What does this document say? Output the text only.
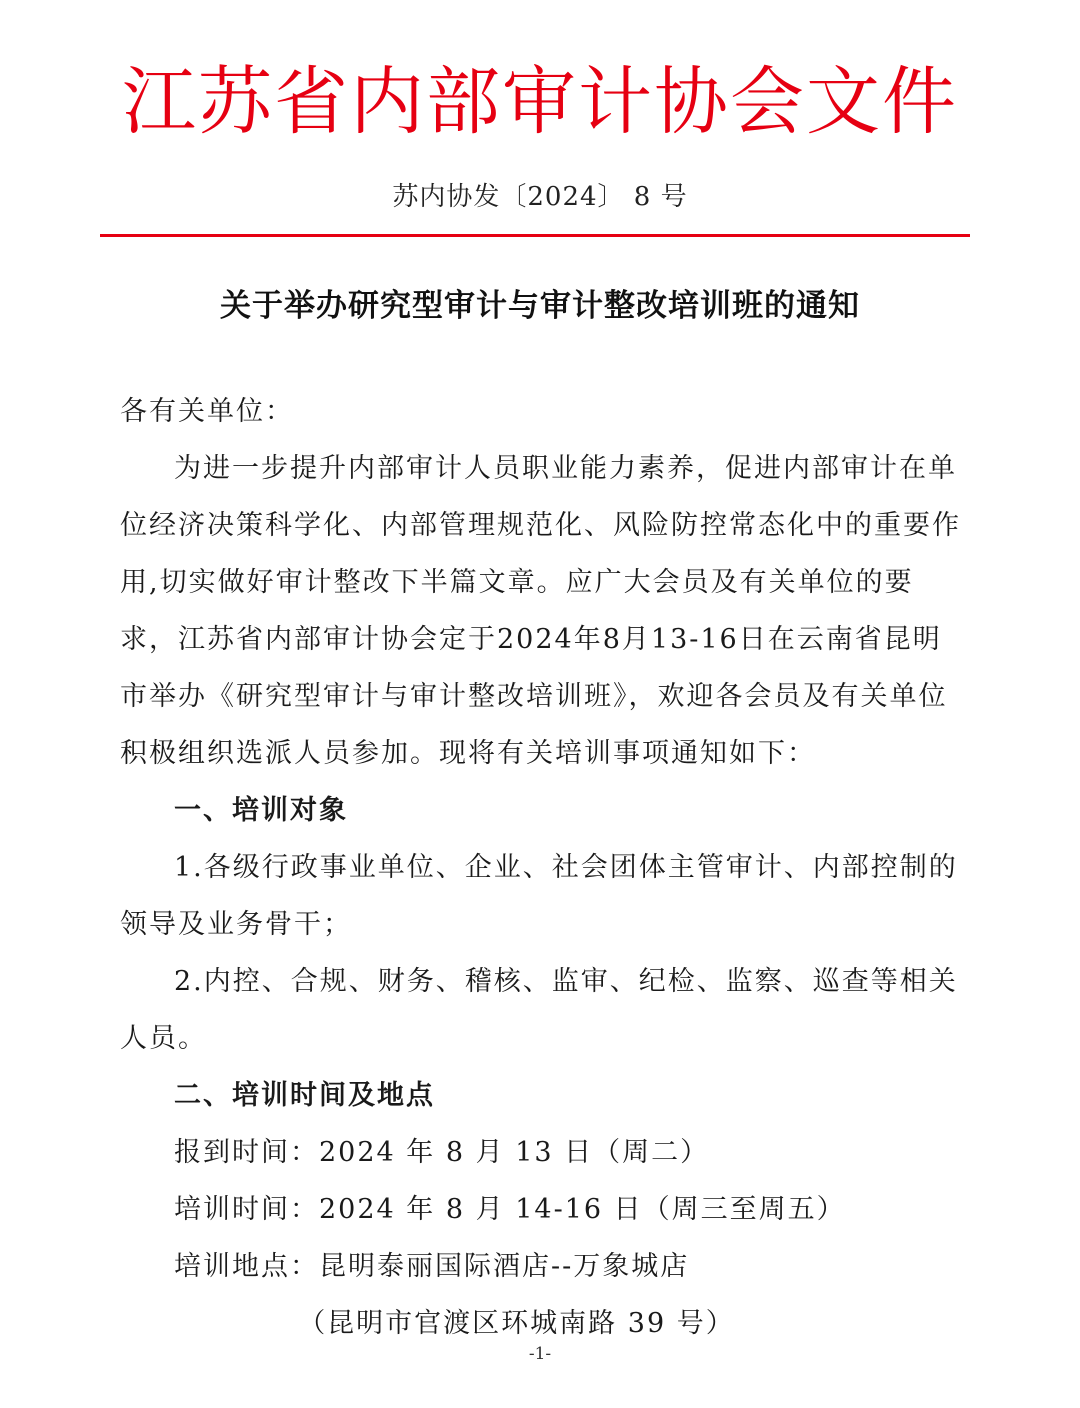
江苏省内部审计协会文件
苏内协发〔2024〕 8 号
关于举办研究型审计与审计整改培训班的通知

各有关单位：

为进一步提升内部审计人员职业能力素养，促进内部审计在单位经济决策科学化、内部管理规范化、风险防控常态化中的重要作用,切实做好审计整改下半篇文章。应广大会员及有关单位的要求，江苏省内部审计协会定于2024年8月13-16日在云南省昆明市举办《研究型审计与审计整改培训班》，欢迎各会员及有关单位积极组织选派人员参加。现将有关培训事项通知如下：

一、培训对象

1.各级行政事业单位、企业、社会团体主管审计、内部控制的领导及业务骨干；

2.内控、合规、财务、稽核、监审、纪检、监察、巡查等相关人员。

二、培训时间及地点

报到时间：2024 年 8 月 13 日（周二）

培训时间：2024 年 8 月 14-16 日（周三至周五）

培训地点：昆明泰丽国际酒店--万象城店

（昆明市官渡区环城南路 39 号）

-1-
